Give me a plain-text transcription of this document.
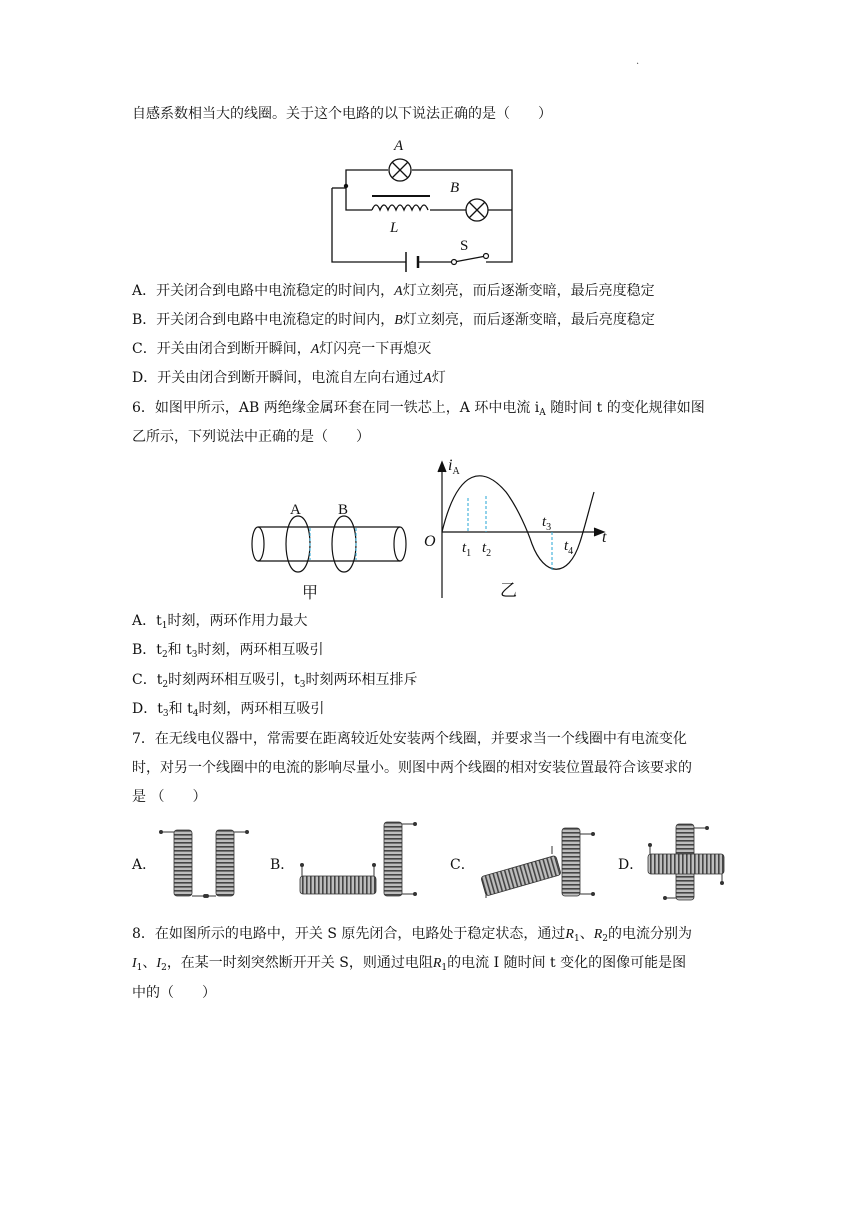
.
自感系数相当大的线圈。关于这个电路的以下说法正确的是（　　）
A
B
L
S
A．开关闭合到电路中电流稳定的时间内，A灯立刻亮，而后逐渐变暗，最后亮度稳定
B．开关闭合到电路中电流稳定的时间内，B灯立刻亮，而后逐渐变暗，最后亮度稳定
C．开关由闭合到断开瞬间，A灯闪亮一下再熄灭
D．开关由闭合到断开瞬间，电流自左向右通过A灯
6．如图甲所示，AB 两绝缘金属环套在同一铁芯上，A 环中电流 $i_A$ 随时间 t 的变化规律如图
乙所示，下列说法中正确的是（　　）
A B
甲
$i_A$
O	t
$t_1$ $t_2$
$t_3$
$t_4$
乙
A．$t_1$时刻，两环作用力最大
B．$t_2$和 $t_3$时刻，两环相互吸引
C．$t_2$时刻两环相互吸引，$t_3$时刻两环相互排斥
D．$t_3$和 $t_4$时刻，两环相互吸引
7．在无线电仪器中，常需要在距离较近处安装两个线圈，并要求当一个线圈中有电流变化
时，对另一个线圈中的电流的影响尽量小。则图中两个线圈的相对安装位置最符合该要求的
是 （　　）
A．	B．	C．	D．
8．在如图所示的电路中，开关 S 原先闭合，电路处于稳定状态，通过$R_1$、$R_2$的电流分别为
$I_1$、$I_2$，在某一时刻突然断开开关 S，则通过电阻$R_1$的电流 I 随时间 t 变化的图像可能是图
中的（　　）
